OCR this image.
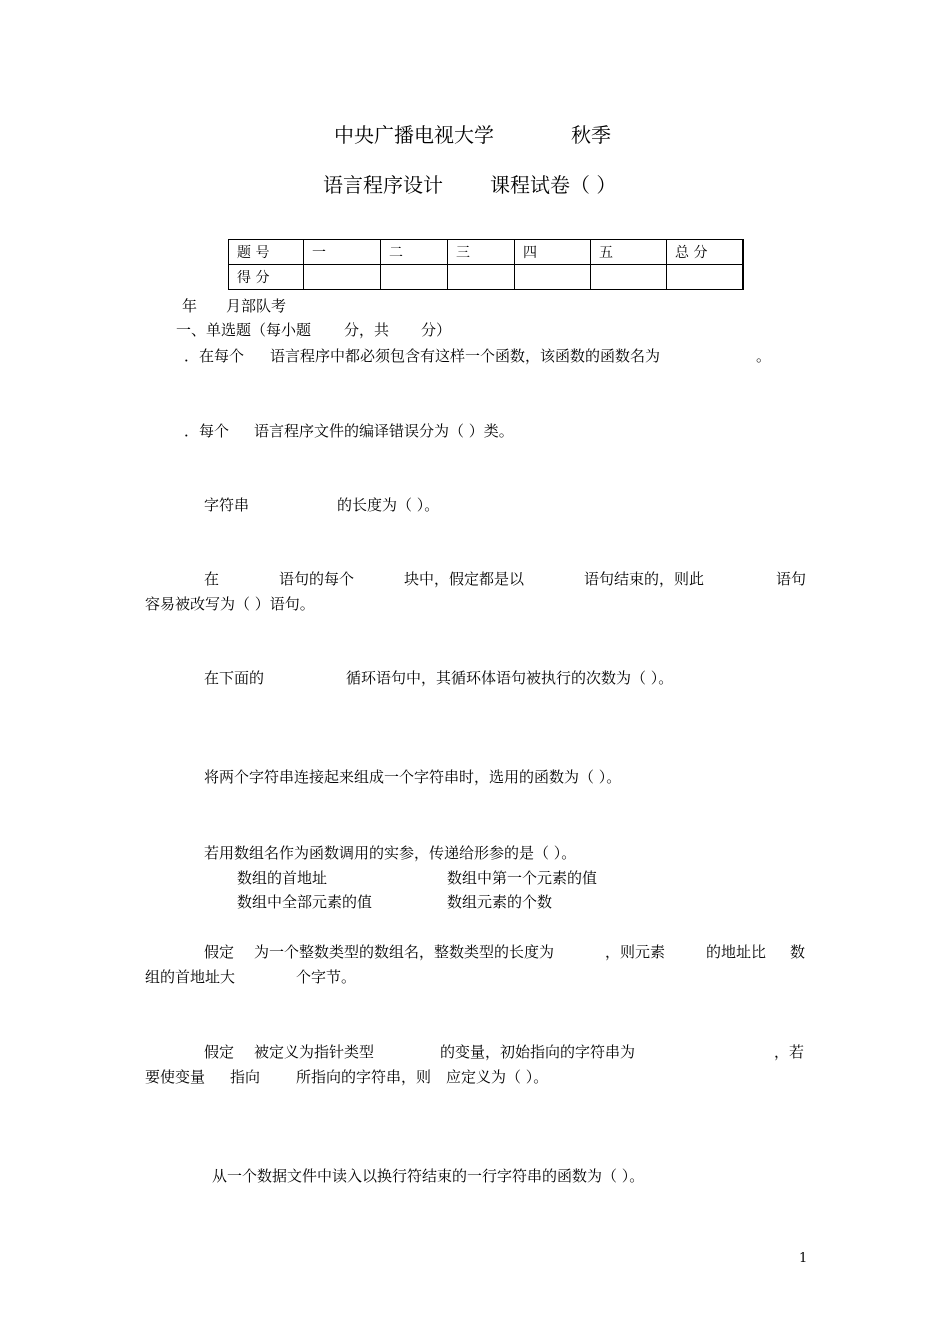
中央广播电视大学	秋季
语言程序设计 课程试卷（ ）
题 号	一	二	三	四	五	总 分
得 分						
年 月部队考
一、单选题（每小题 分，共 分）
．在每个 语言程序中都必须包含有这样一个函数，该函数的函数名为	。
．每个 语言程序文件的编译错误分为（ ）类。
字符串	的长度为（ ）。
在	语句的每个	块中，假定都是以	语句结束的，则此	语句
容易被改写为（ ）语句。
在下面的	循环语句中，其循环体语句被执行的次数为（ ）。
将两个字符串连接起来组成一个字符串时，选用的函数为（ ）。
若用数组名作为函数调用的实参，传递给形参的是（ ）。
数组的首地址	数组中第一个元素的值
数组中全部元素的值	数组元素的个数
假定 为一个整数类型的数组名，整数类型的长度为	，则元素	的地址比 数
组的首地址大	个字节。
假定 被定义为指针类型	的变量，初始指向的字符串为	，若
要使变量 指向 所指向的字符串，则 应定义为（ ）。
从一个数据文件中读入以换行符结束的一行字符串的函数为（ ）。
1
